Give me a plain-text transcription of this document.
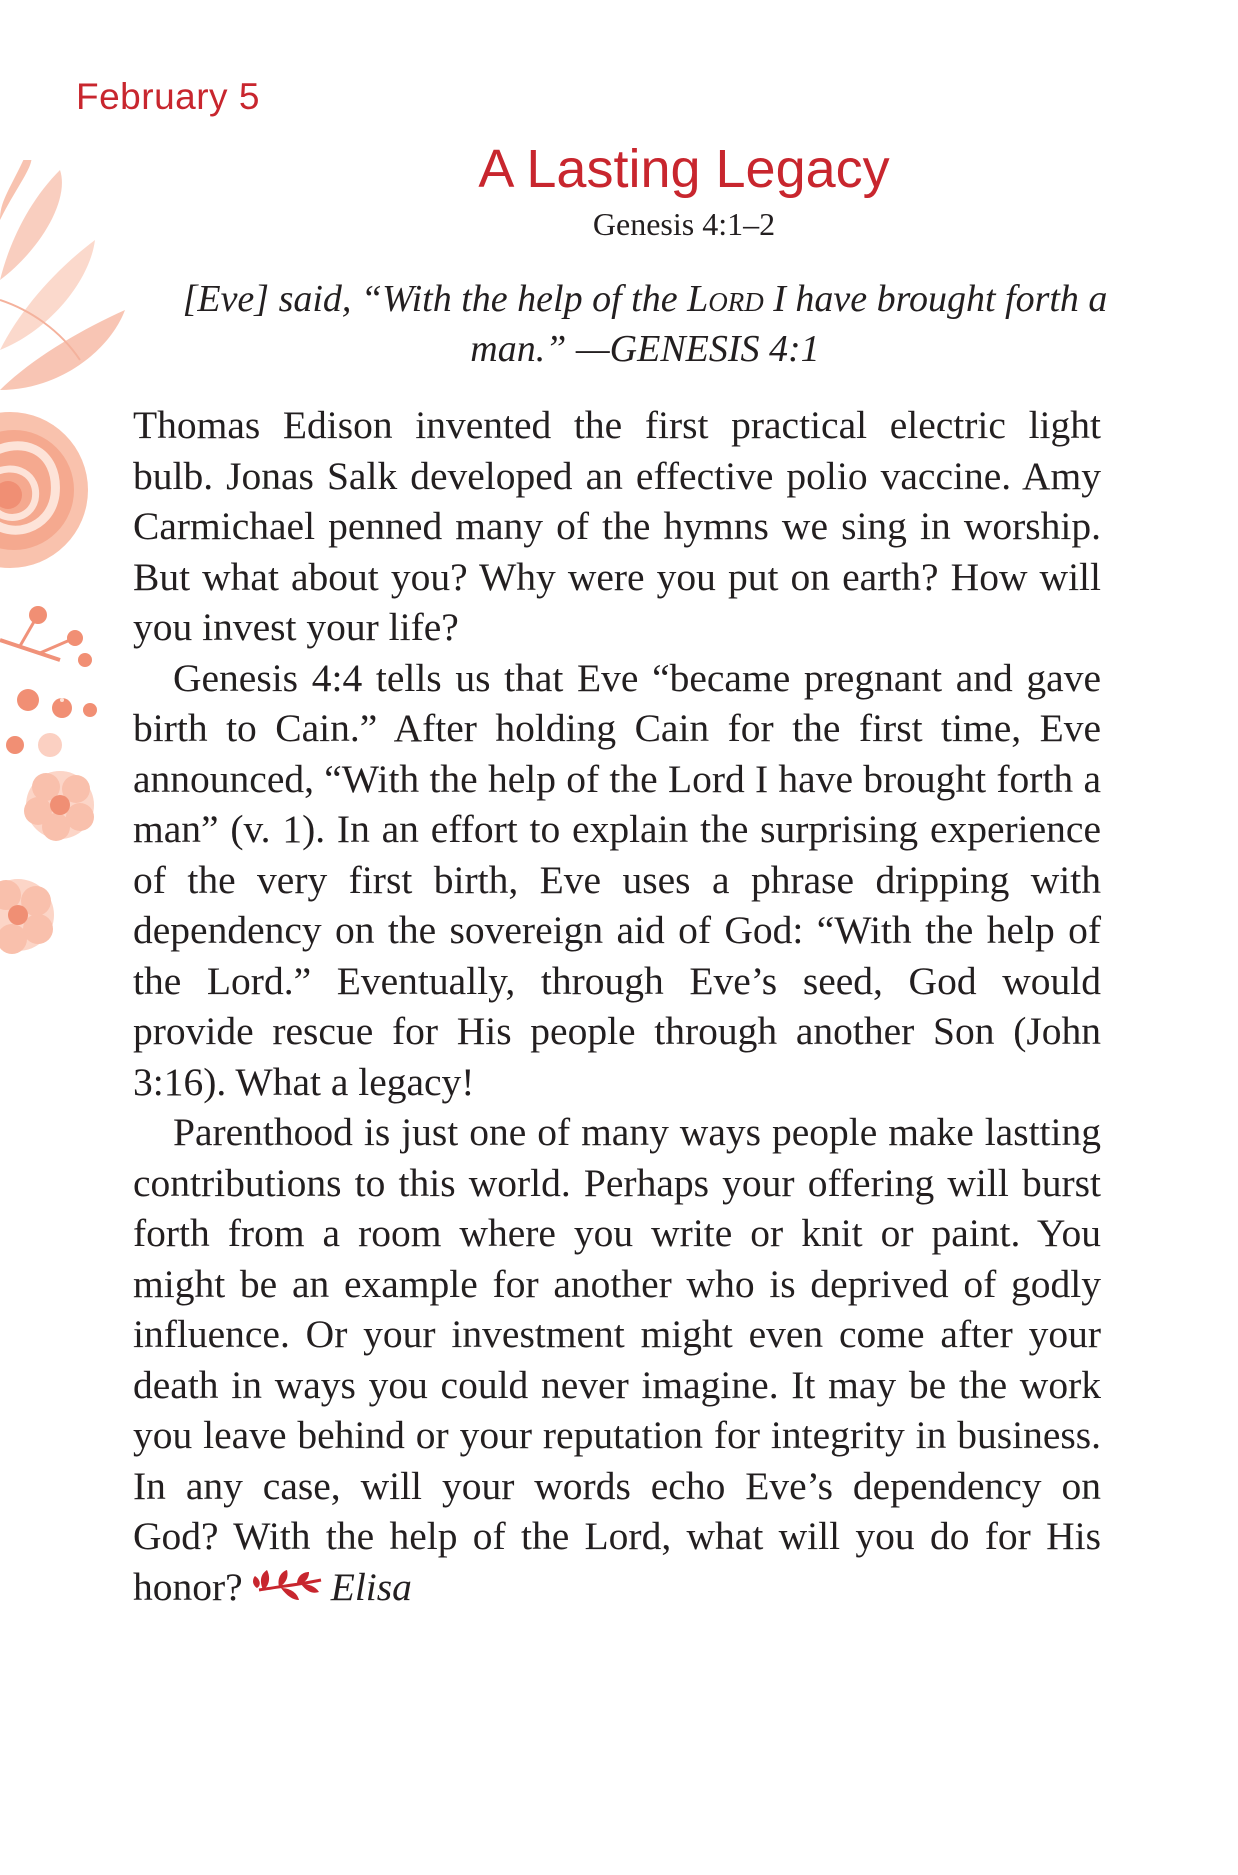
February 5
A Lasting Legacy
Genesis 4:1–2
[Eve] said, “With the help of the Lord I have brought forth a man.” —GENESIS 4:1

Thomas Edison invented the first practical electric light bulb. Jonas Salk developed an effective polio vaccine. Amy Carmichael penned many of the hymns we sing in worship. But what about you? Why were you put on earth? How will you invest your life?

Genesis 4:4 tells us that Eve “became pregnant and gave birth to Cain.” After holding Cain for the first time, Eve announced, “With the help of the Lord I have brought forth a man” (v. 1). In an effort to explain the surprising experience of the very first birth, Eve uses a phrase dripping with dependency on the sovereign aid of God: “With the help of the Lord.” Eventually, through Eve’s seed, God would provide rescue for His people through another Son (John 3:16). What a legacy!

Parenthood is just one of many ways people make lastting contributions to this world. Perhaps your offering will burst forth from a room where you write or knit or paint. You might be an example for another who is deprived of godly influence. Or your investment might even come after your death in ways you could never imagine. It may be the work you leave behind or your reputation for integrity in business. In any case, will your words echo Eve’s dependency on God? With the help of the Lord, what will you do for His honor? Elisa
